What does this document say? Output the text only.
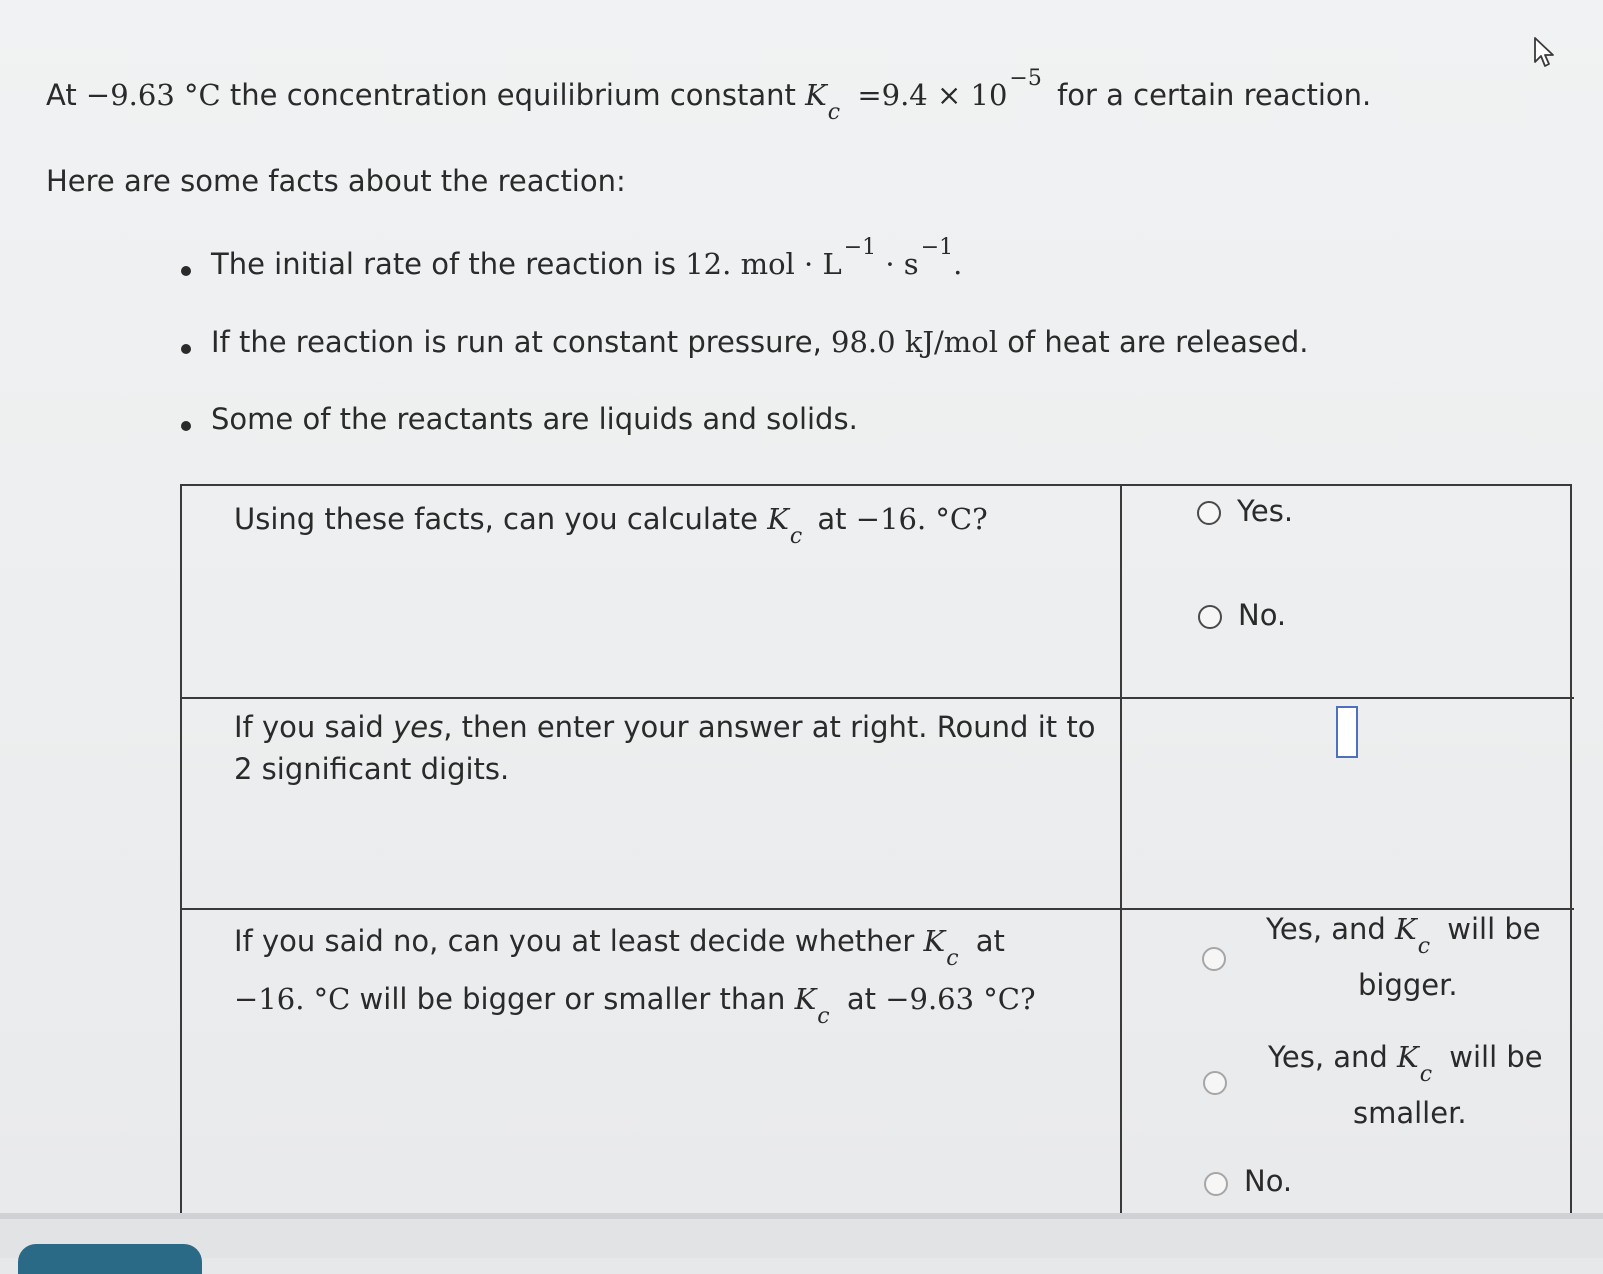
At −9.63 °C the concentration equilibrium constant $K_c =9.4 \times 10^{-5}$ for a certain reaction.
Here are some facts about the reaction:
The initial rate of the reaction is 12. mol · $L^{-1} \cdot s^{-1}$.
If the reaction is run at constant pressure, 98.0 kJ/mol of heat are released.
Some of the reactants are liquids and solids.
Using these facts, can you calculate $K_c$ at −16. °C?	Yes.
No.
If you said yes, then enter your answer at right. Round it to
2 significant digits.
If you said no, can you at least decide whether $K_c$ at
−16. °C will be bigger or smaller than $K_c$ at −9.63 °C?
Yes, and $K_c$ will be
bigger.
Yes, and $K_c$ will be
smaller.
No.
